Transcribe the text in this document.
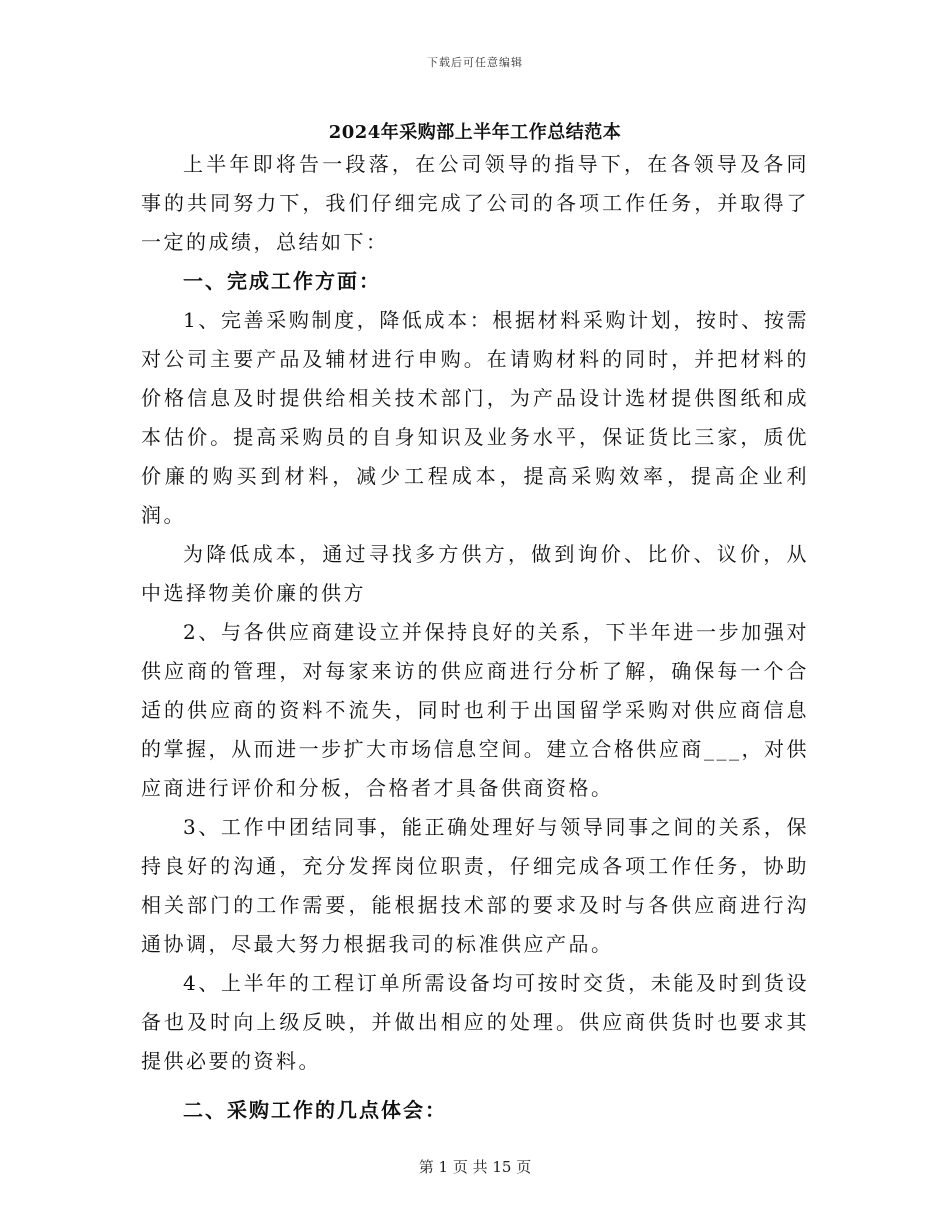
下载后可任意编辑
2024年采购部上半年工作总结范本

上半年即将告一段落，在公司领导的指导下，在各领导及各同事的共同努力下，我们仔细完成了公司的各项工作任务，并取得了一定的成绩，总结如下：

一、完成工作方面：

1、完善采购制度，降低成本：根据材料采购计划，按时、按需对公司主要产品及辅材进行申购。在请购材料的同时，并把材料的价格信息及时提供给相关技术部门，为产品设计选材提供图纸和成本估价。提高采购员的自身知识及业务水平，保证货比三家，质优价廉的购买到材料，减少工程成本，提高采购效率，提高企业利润。

为降低成本，通过寻找多方供方，做到询价、比价、议价，从中选择物美价廉的供方

2、与各供应商建设立并保持良好的关系，下半年进一步加强对供应商的管理，对每家来访的供应商进行分析了解，确保每一个合适的供应商的资料不流失，同时也利于出国留学采购对供应商信息的掌握，从而进一步扩大市场信息空间。建立合格供应商___，对供应商进行评价和分板，合格者才具备供商资格。

3、工作中团结同事，能正确处理好与领导同事之间的关系，保持良好的沟通，充分发挥岗位职责，仔细完成各项工作任务，协助相关部门的工作需要，能根据技术部的要求及时与各供应商进行沟通协调，尽最大努力根据我司的标准供应产品。

4、上半年的工程订单所需设备均可按时交货，未能及时到货设备也及时向上级反映，并做出相应的处理。供应商供货时也要求其提供必要的资料。

二、采购工作的几点体会：

第 1 页 共 15 页
